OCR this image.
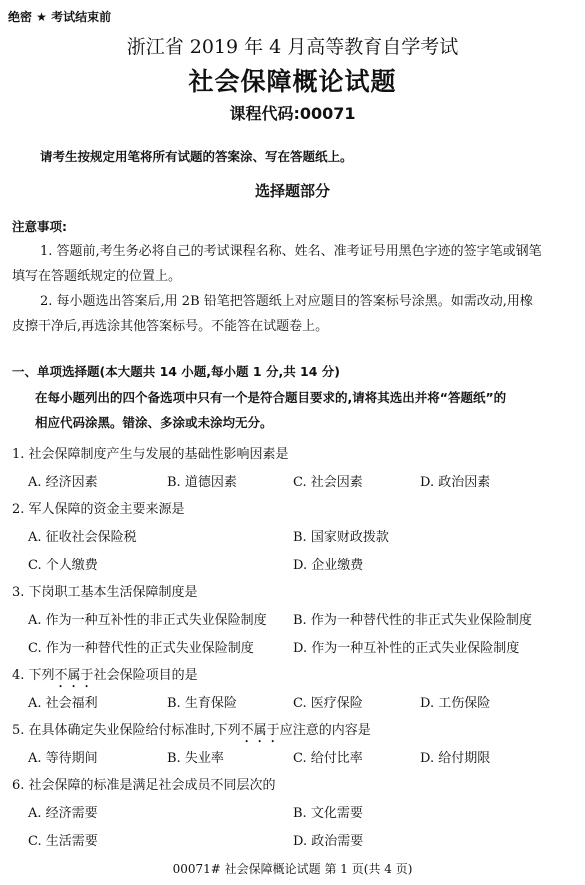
绝密 ★ 考试结束前
浙江省 2019 年 4 月高等教育自学考试
社会保障概论试题
课程代码:00071
请考生按规定用笔将所有试题的答案涂、写在答题纸上。
选择题部分
注意事项:
1. 答题前,考生务必将自己的考试课程名称、姓名、准考证号用黑色字迹的签字笔或钢笔
填写在答题纸规定的位置上。
2. 每小题选出答案后,用 2B 铅笔把答题纸上对应题目的答案标号涂黑。如需改动,用橡
皮擦干净后,再选涂其他答案标号。不能答在试题卷上。
一、单项选择题(本大题共 14 小题,每小题 1 分,共 14 分)
在每小题列出的四个备选项中只有一个是符合题目要求的,请将其选出并将“答题纸”的
相应代码涂黑。错涂、多涂或未涂均无分。
1. 社会保障制度产生与发展的基础性影响因素是
A. 经济因素	B. 道德因素	C. 社会因素	D. 政治因素
2. 军人保障的资金主要来源是
A. 征收社会保险税	B. 国家财政拨款
C. 个人缴费	D. 企业缴费
3. 下岗职工基本生活保障制度是
A. 作为一种互补性的非正式失业保险制度 B. 作为一种替代性的非正式失业保险制度
C. 作为一种替代性的正式失业保险制度	D. 作为一种互补性的正式失业保险制度
4. 下列不属于社会保险项目的是
A. 社会福利	B. 生育保险	C. 医疗保险	D. 工伤保险
5. 在具体确定失业保险给付标准时,下列不属于应注意的内容是
A. 等待期间	B. 失业率	C. 给付比率	D. 给付期限
6. 社会保障的标准是满足社会成员不同层次的
A. 经济需要	B. 文化需要
C. 生活需要	D. 政治需要
00071# 社会保障概论试题 第 1 页(共 4 页)
